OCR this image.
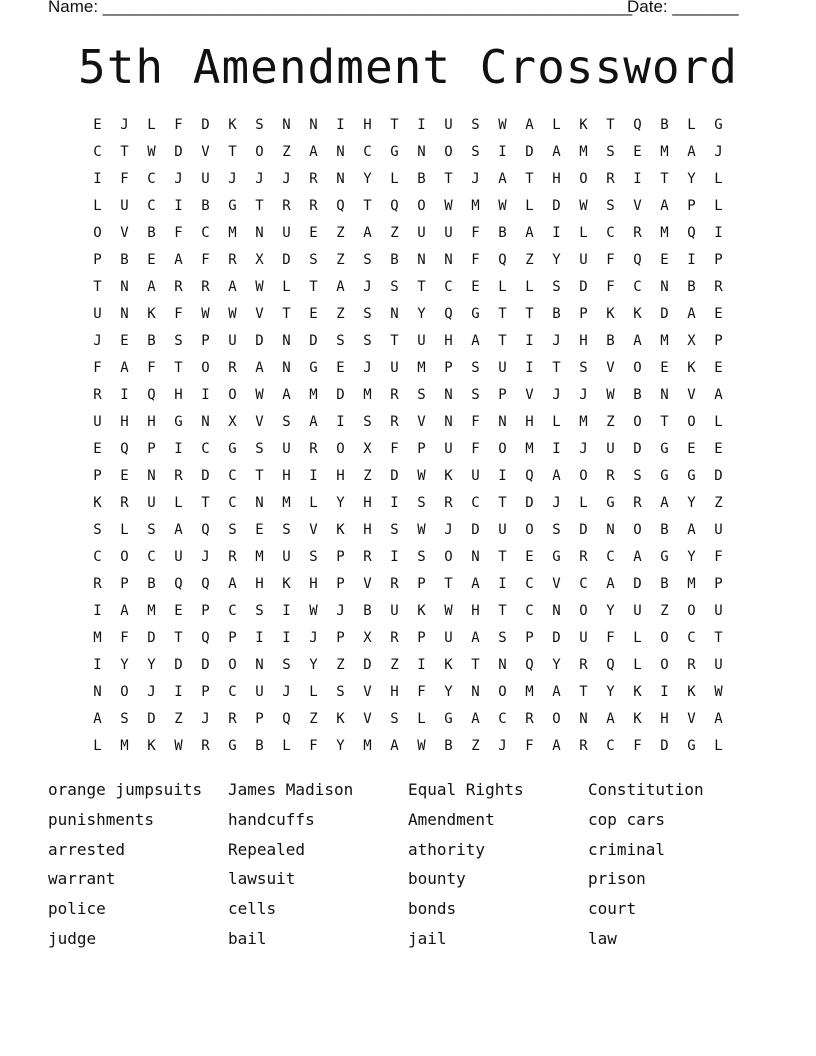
Name: ________________________________________________________
Date: _______
5th Amendment Crossword
E	J	L	F	D	K	S	N	N	I	H	T	I	U	S	W	A	L	K	T	Q	B	L	G
C	T	W	D	V	T	O	Z	A	N	C	G	N	O	S	I	D	A	M	S	E	M	A	J
I	F	C	J	U	J	J	J	R	N	Y	L	B	T	J	A	T	H	O	R	I	T	Y	L
L	U	C	I	B	G	T	R	R	Q	T	Q	O	W	M	W	L	D	W	S	V	A	P	L
O	V	B	F	C	M	N	U	E	Z	A	Z	U	U	F	B	A	I	L	C	R	M	Q	I
P	B	E	A	F	R	X	D	S	Z	S	B	N	N	F	Q	Z	Y	U	F	Q	E	I	P
T	N	A	R	R	A	W	L	T	A	J	S	T	C	E	L	L	S	D	F	C	N	B	R
U	N	K	F	W	W	V	T	E	Z	S	N	Y	Q	G	T	T	B	P	K	K	D	A	E
J	E	B	S	P	U	D	N	D	S	S	T	U	H	A	T	I	J	H	B	A	M	X	P
F	A	F	T	O	R	A	N	G	E	J	U	M	P	S	U	I	T	S	V	O	E	K	E
R	I	Q	H	I	O	W	A	M	D	M	R	S	N	S	P	V	J	J	W	B	N	V	A
U	H	H	G	N	X	V	S	A	I	S	R	V	N	F	N	H	L	M	Z	O	T	O	L
E	Q	P	I	C	G	S	U	R	O	X	F	P	U	F	O	M	I	J	U	D	G	E	E
P	E	N	R	D	C	T	H	I	H	Z	D	W	K	U	I	Q	A	O	R	S	G	G	D
K	R	U	L	T	C	N	M	L	Y	H	I	S	R	C	T	D	J	L	G	R	A	Y	Z
S	L	S	A	Q	S	E	S	V	K	H	S	W	J	D	U	O	S	D	N	O	B	A	U
C	O	C	U	J	R	M	U	S	P	R	I	S	O	N	T	E	G	R	C	A	G	Y	F
R	P	B	Q	Q	A	H	K	H	P	V	R	P	T	A	I	C	V	C	A	D	B	M	P
I	A	M	E	P	C	S	I	W	J	B	U	K	W	H	T	C	N	O	Y	U	Z	O	U
M	F	D	T	Q	P	I	I	J	P	X	R	P	U	A	S	P	D	U	F	L	O	C	T
I	Y	Y	D	D	O	N	S	Y	Z	D	Z	I	K	T	N	Q	Y	R	Q	L	O	R	U
N	O	J	I	P	C	U	J	L	S	V	H	F	Y	N	O	M	A	T	Y	K	I	K	W
A	S	D	Z	J	R	P	Q	Z	K	V	S	L	G	A	C	R	O	N	A	K	H	V	A
L	M	K	W	R	G	B	L	F	Y	M	A	W	B	Z	J	F	A	R	C	F	D	G	L
orange jumpsuits	James Madison	Equal Rights	Constitution
punishments	handcuffs	Amendment	cop cars
arrested	Repealed	athority	criminal
warrant	lawsuit	bounty	prison
police	cells	bonds	court
judge	bail	jail	law
